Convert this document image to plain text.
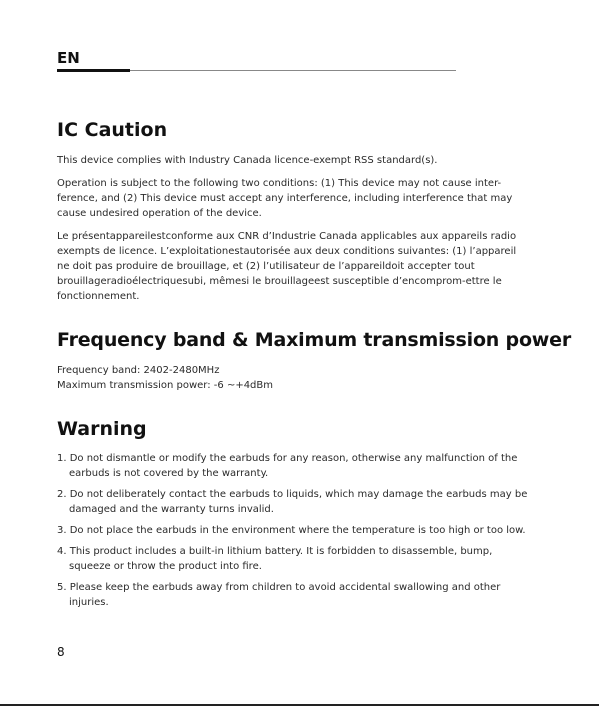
EN
IC Caution

This device complies with Industry Canada licence-exempt RSS standard(s).

Operation is subject to the following two conditions: (1) This device may not cause inter-ference, and (2) This device must accept any interference, including interference that may cause undesired operation of the device.

Le présentappareilestconforme aux CNR d’Industrie Canada applicables aux appareils radio exempts de licence. L’exploitationestautorisée aux deux conditions suivantes: (1) l’appareil ne doit pas produire de brouillage, et (2) l’utilisateur de l’appareildoit accepter tout brouillageradioélectriquesubi, mêmesi le brouillageest susceptible d’encomprom-ettre le fonctionnement.

Frequency band & Maximum transmission power

Frequency band: 2402-2480MHz

Maximum transmission power: -6 ~+4dBm

Warning
1. Do not dismantle or modify the earbuds for any reason, otherwise any malfunction of the earbuds is not covered by the warranty.
2. Do not deliberately contact the earbuds to liquids, which may damage the earbuds may be damaged and the warranty turns invalid.
3. Do not place the earbuds in the environment where the temperature is too high or too low.
4. This product includes a built-in lithium battery. It is forbidden to disassemble, bump, squeeze or throw the product into fire.
5. Please keep the earbuds away from children to avoid accidental swallowing and other injuries.
8
